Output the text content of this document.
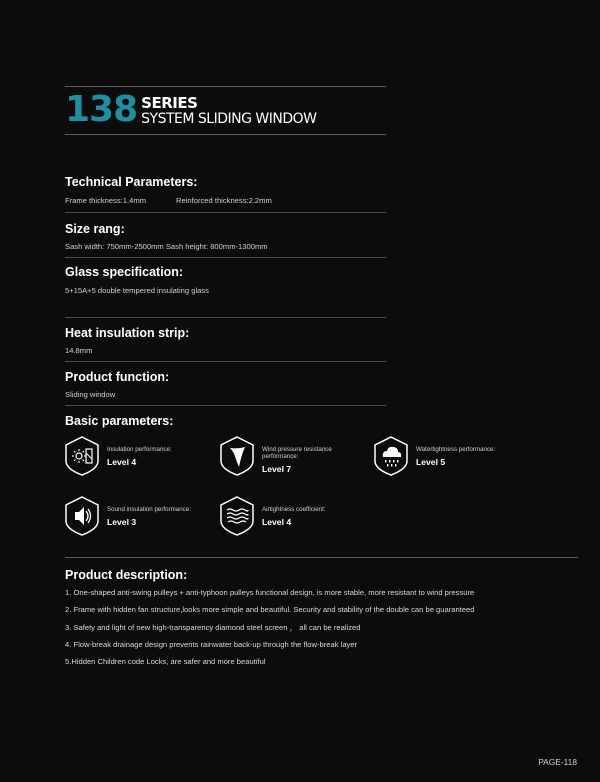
138 SERIES
SYSTEM SLIDING WINDOW
Technical Parameters:
Frame thickness:1.4mm	Reinforced thickness:2.2mm
Size rang:
Sash width: 750mm-2500mm Sash height: 800mm-1300mm
Glass specification:
5+15A+5 double tempered insulating glass
Heat insulation strip:
14.8mm
Product function:
Sliding window
Basic parameters:
Insulation performance:
Level 4
Wind pressure resistance performance:
Level 7
Watertightness performance:
Level 5
Sound insulation performance:
Level 3
Airtightness coefficient:
Level 4
Product description:
1. One-shaped anti-swing pulleys + anti-typhoon pulleys functional design, is more stable, more resistant to wind pressure
2. Frame with hidden fan structure,looks more simple and beautiful. Security and stability of the double can be guaranteed
3. Safety and light of new high-transparency diamond steel screen ， all can be realized
4. Flow-break drainage design prevents rainwater back-up through the flow-break layer
5.Hidden Children code Locks, are safer and more beautiful
PAGE-118
